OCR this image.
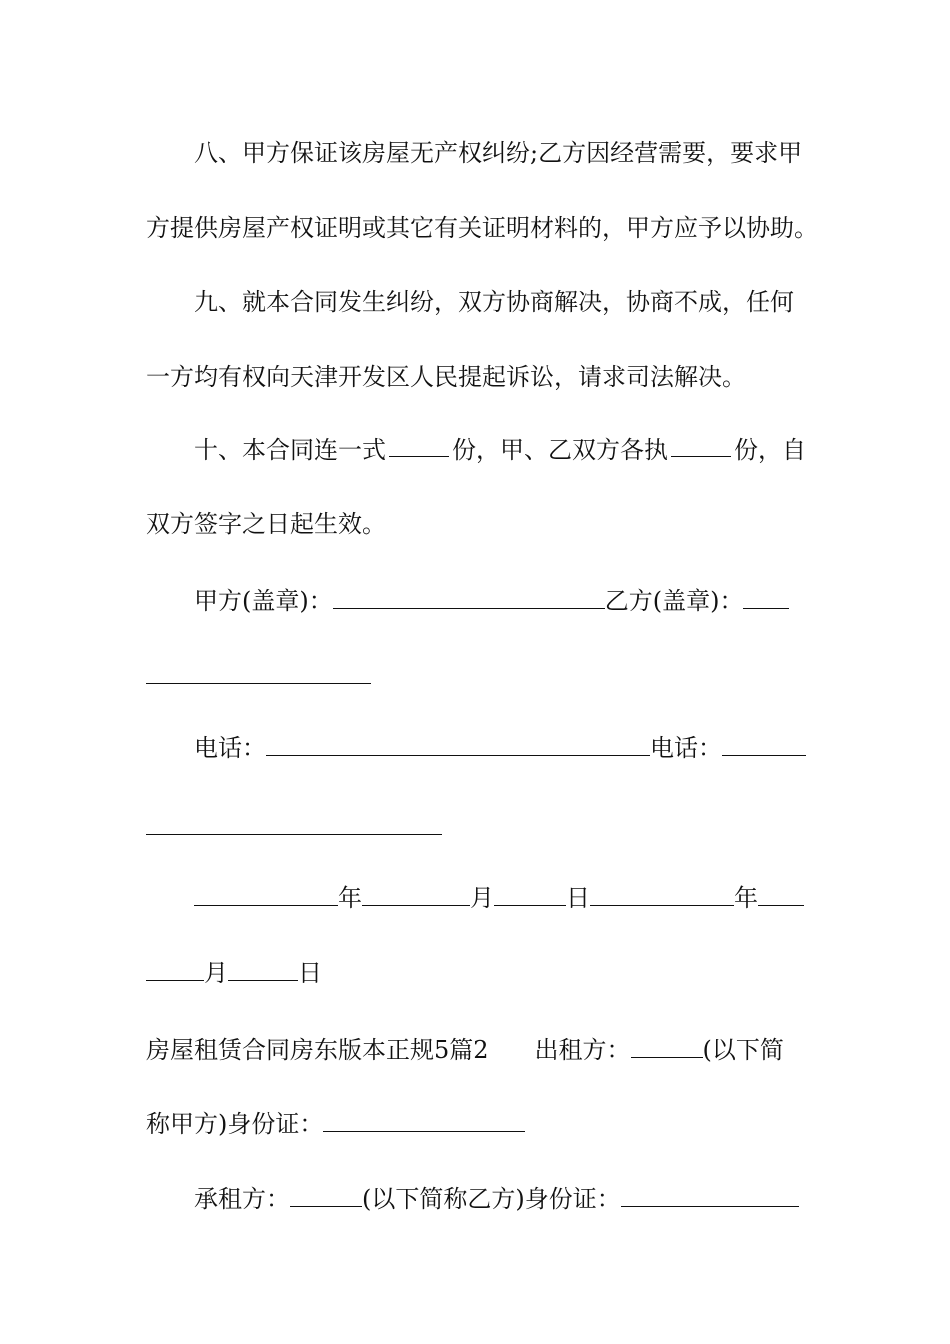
八、甲方保证该房屋无产权纠纷;乙方因经营需要，要求甲
方提供房屋产权证明或其它有关证明材料的，甲方应予以协助。
九、就本合同发生纠纷，双方协商解决，协商不成，任何
一方均有权向天津开发区人民提起诉讼，请求司法解决。
十、本合同连一式	份，甲、乙双方各执	份，自
双方签字之日起生效。
甲方(盖章)：	乙方(盖章)：
电话：	电话：
年	月	日	年
月	日
房屋租赁合同房东版本正规5篇2 出租方：	(以下简
称甲方)身份证：
承租方：	(以下简称乙方)身份证：
